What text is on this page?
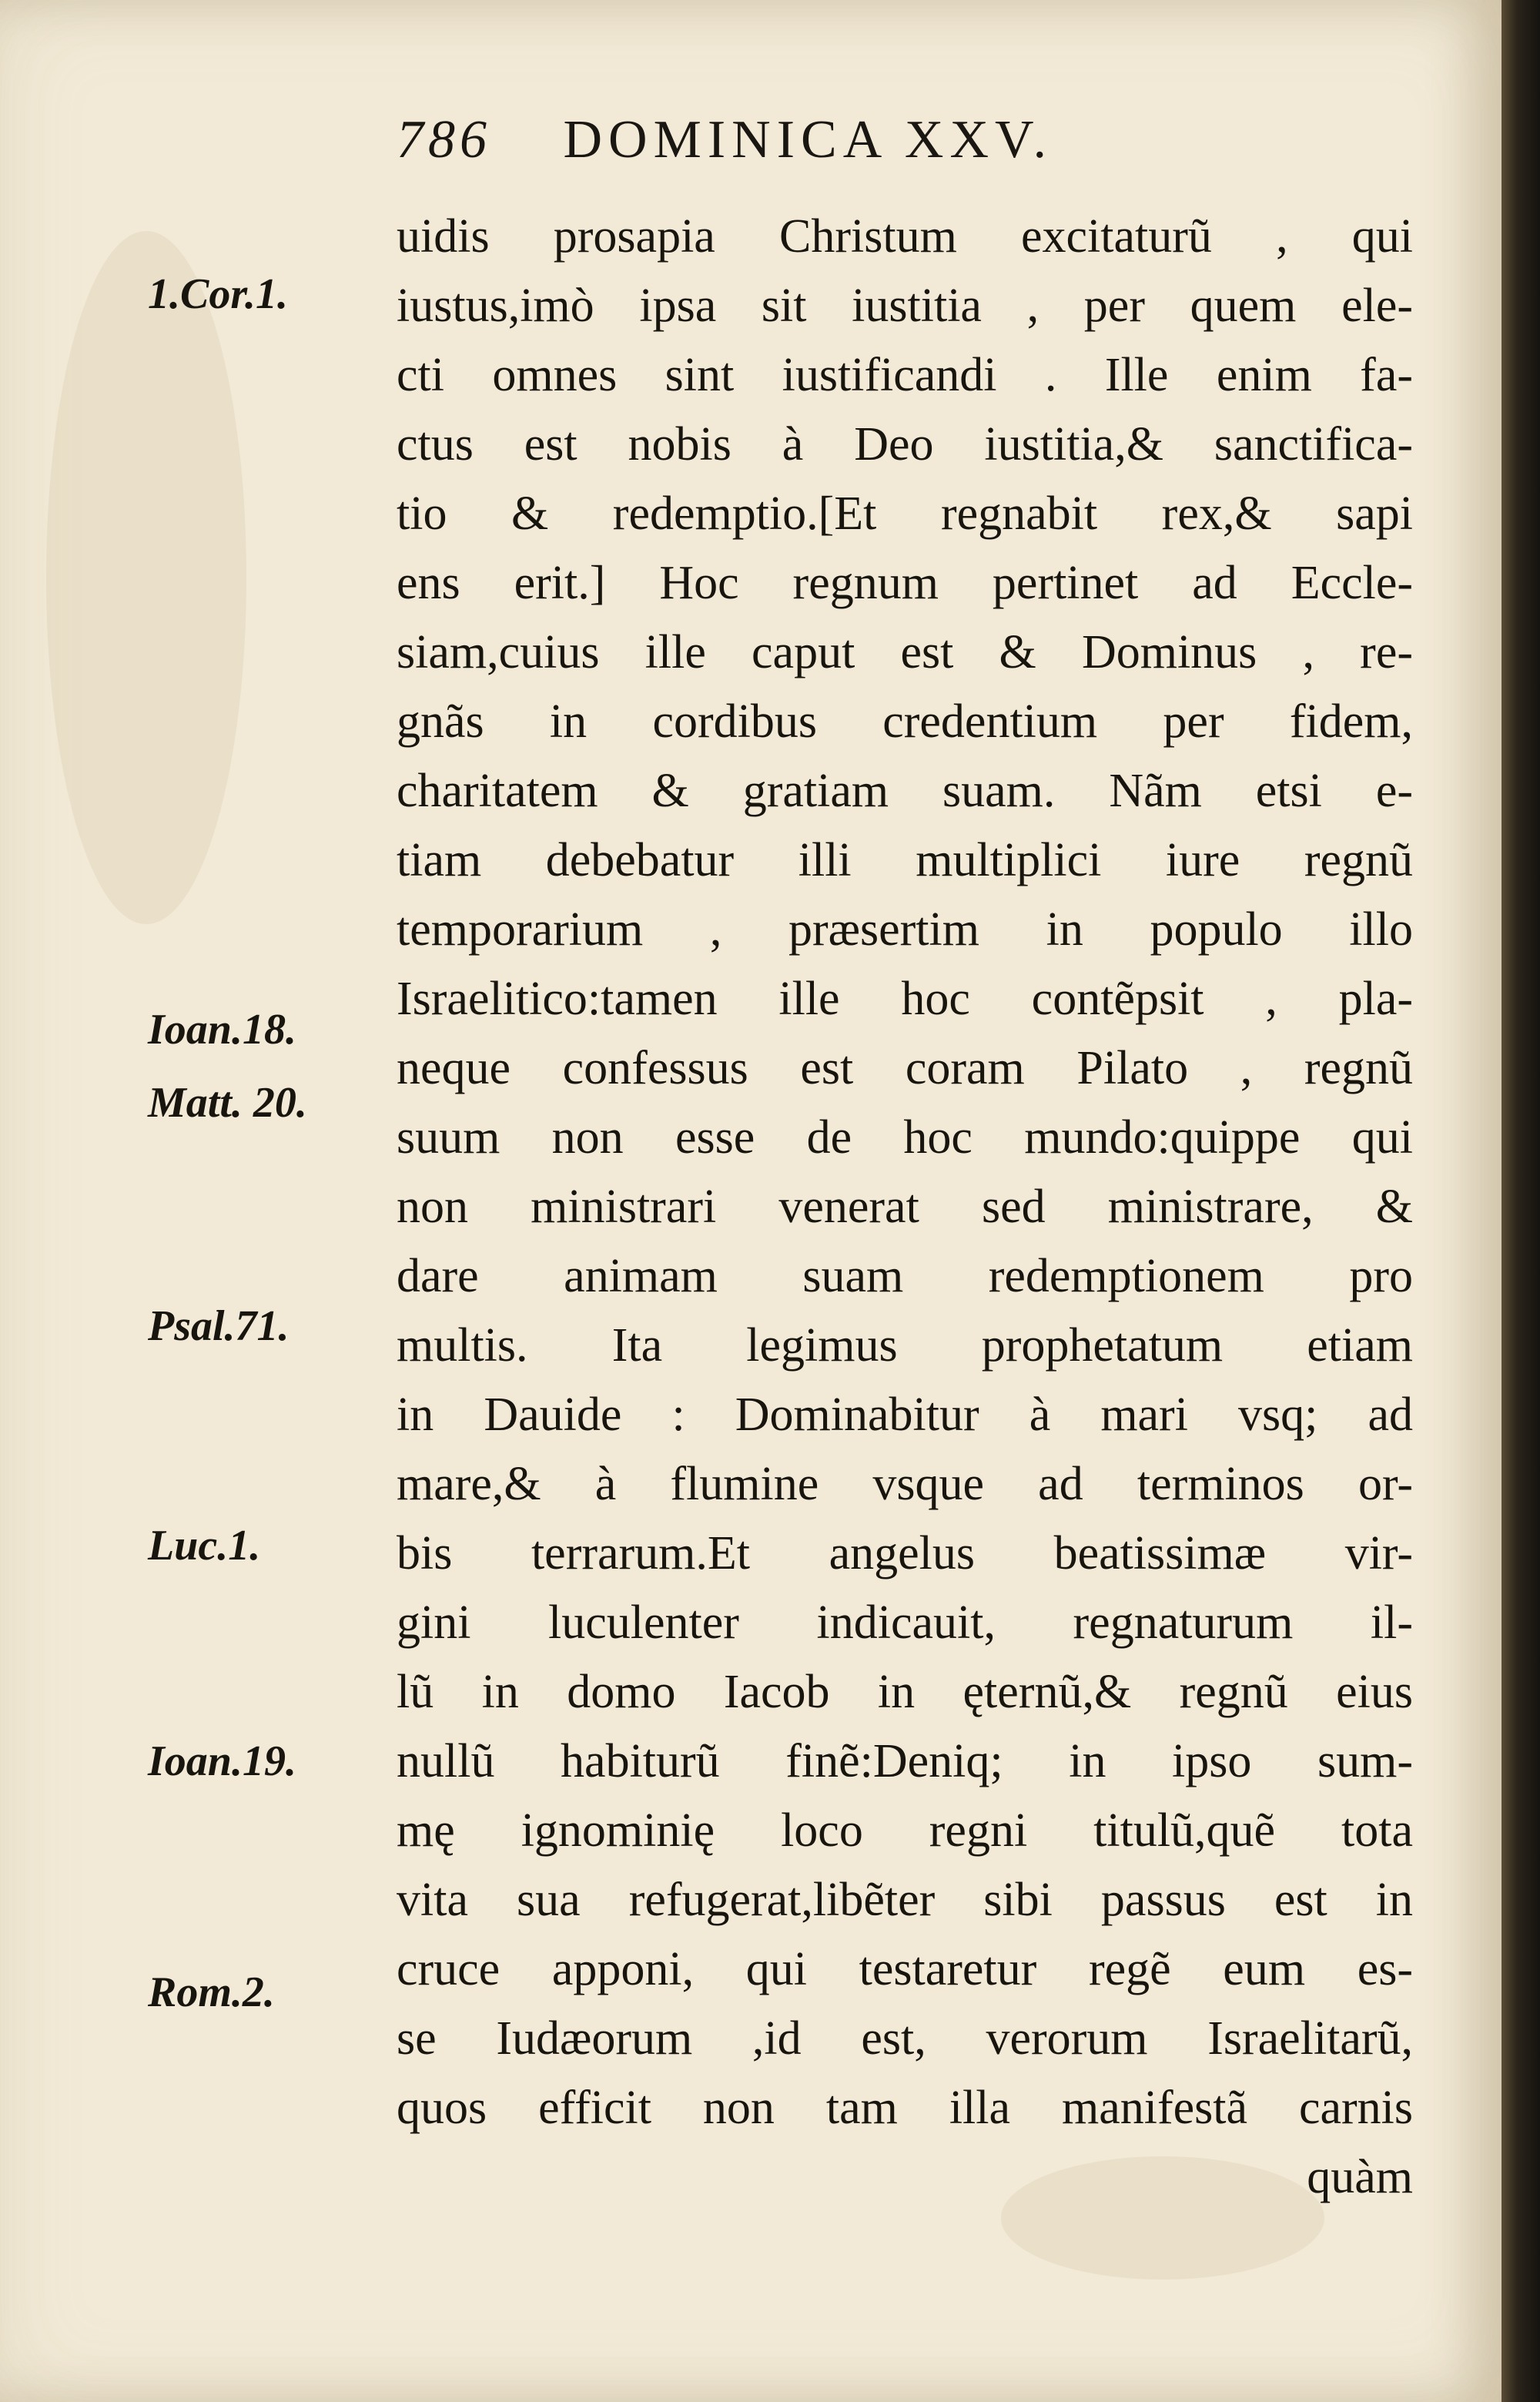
786 DOMINICA XXV.
1.Cor.1.
Ioan.18.
Matt. 20.
Psal.71.
Luc.1.
Ioan.19.
Rom.2.
uidis prosapia Christum excitaturũ , qui
iustus,imò ipsa sit iustitia , per quem ele-
cti omnes sint iustificandi . Ille enim fa-
ctus est nobis à Deo iustitia,& sanctifica-
tio & redemptio.[Et regnabit rex,& sapi
ens erit.] Hoc regnum pertinet ad Eccle-
siam,cuius ille caput est & Dominus , re-
gnãs in cordibus credentium per fidem,
charitatem & gratiam suam. Nãm etsi e-
tiam debebatur illi multiplici iure regnũ
temporarium , præsertim in populo illo
Israelitico:tamen ille hoc contẽpsit , pla-
neque confessus est coram Pilato , regnũ
suum non esse de hoc mundo:quippe qui
non ministrari venerat sed ministrare, &
dare animam suam redemptionem pro
multis. Ita legimus prophetatum etiam
in Dauide : Dominabitur à mari vsq; ad
mare,& à flumine vsque ad terminos or-
bis terrarum.Et angelus beatissimæ vir-
gini luculenter indicauit, regnaturum il-
lũ in domo Iacob in ęternũ,& regnũ eius
nullũ habiturũ finẽ:Deniq; in ipso sum-
mę ignominię loco regni titulũ,quẽ tota
vita sua refugerat,libẽter sibi passus est in
cruce apponi, qui testaretur regẽ eum es-
se Iudæorum ,id est, verorum Israelitarũ,
quos efficit non tam illa manifestã carnis
quàm
